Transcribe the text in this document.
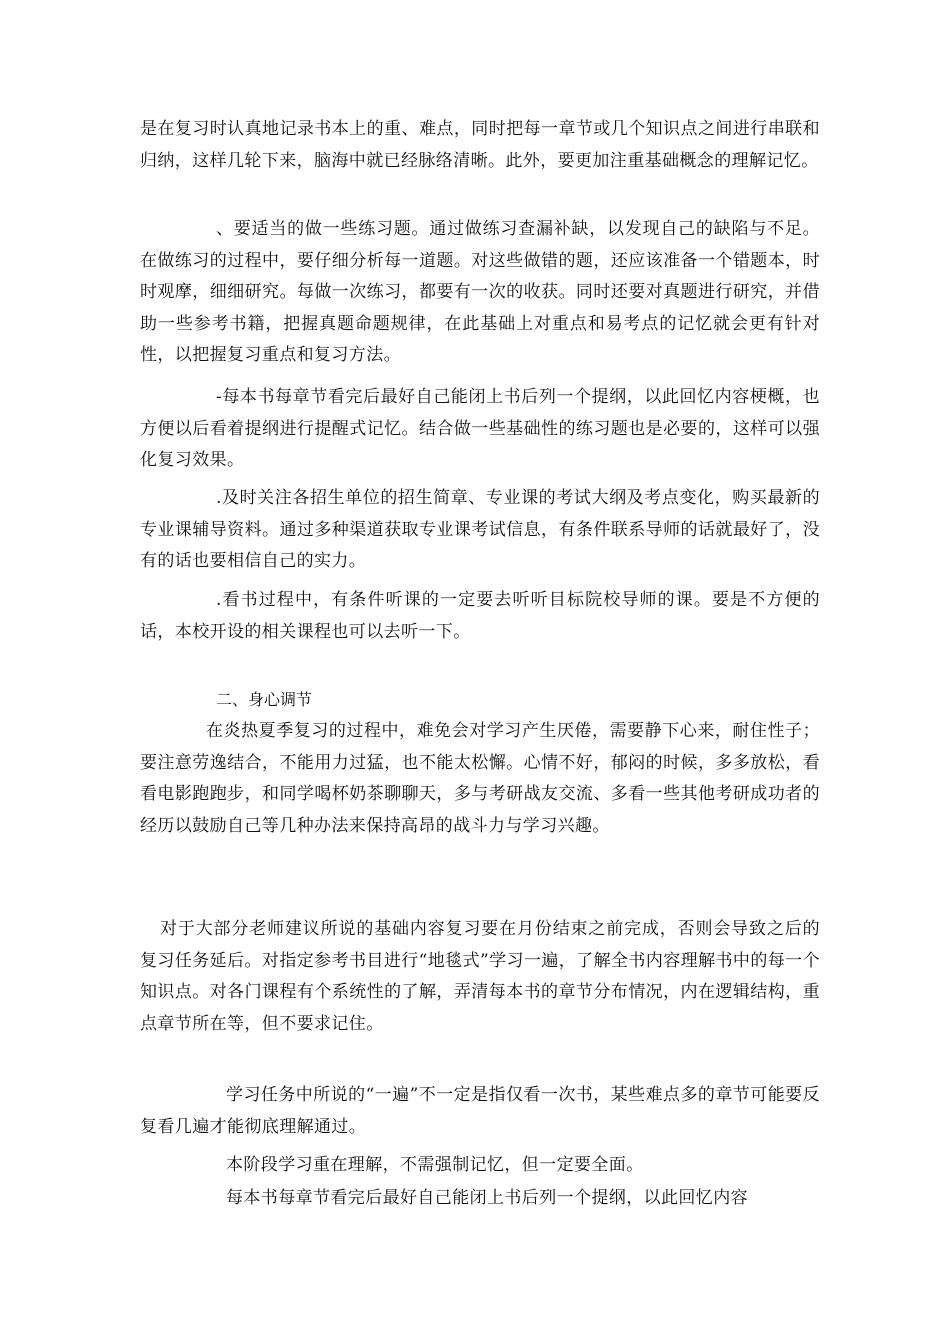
是在复习时认真地记录书本上的重、难点，同时把每一章节或几个知识点之间进行串联和归纳，这样几轮下来，脑海中就已经脉络清晰。此外，要更加注重基础概念的理解记忆。

、要适当的做一些练习题。通过做练习查漏补缺，以发现自己的缺陷与不足。在做练习的过程中，要仔细分析每一道题。对这些做错的题，还应该准备一个错题本，时时观摩，细细研究。每做一次练习，都要有一次的收获。同时还要对真题进行研究，并借助一些参考书籍，把握真题命题规律，在此基础上对重点和易考点的记忆就会更有针对性，以把握复习重点和复习方法。

-每本书每章节看完后最好自己能闭上书后列一个提纲，以此回忆内容梗概，也方便以后看着提纲进行提醒式记忆。结合做一些基础性的练习题也是必要的，这样可以强化复习效果。

.及时关注各招生单位的招生简章、专业课的考试大纲及考点变化，购买最新的专业课辅导资料。通过多种渠道获取专业课考试信息，有条件联系导师的话就最好了，没有的话也要相信自己的实力。

.看书过程中，有条件听课的一定要去听听目标院校导师的课。要是不方便的话，本校开设的相关课程也可以去听一下。

二、身心调节

在炎热夏季复习的过程中，难免会对学习产生厌倦，需要静下心来，耐住性子；要注意劳逸结合，不能用力过猛，也不能太松懈。心情不好，郁闷的时候，多多放松，看看电影跑跑步，和同学喝杯奶茶聊聊天，多与考研战友交流、多看一些其他考研成功者的经历以鼓励自己等几种办法来保持高昂的战斗力与学习兴趣。

对于大部分老师建议所说的基础内容复习要在月份结束之前完成，否则会导致之后的复习任务延后。对指定参考书目进行“地毯式”学习一遍，了解全书内容理解书中的每一个知识点。对各门课程有个系统性的了解，弄清每本书的章节分布情况，内在逻辑结构，重点章节所在等，但不要求记住。

学习任务中所说的“一遍”不一定是指仅看一次书，某些难点多的章节可能要反复看几遍才能彻底理解通过。

本阶段学习重在理解，不需强制记忆，但一定要全面。

每本书每章节看完后最好自己能闭上书后列一个提纲，以此回忆内容
